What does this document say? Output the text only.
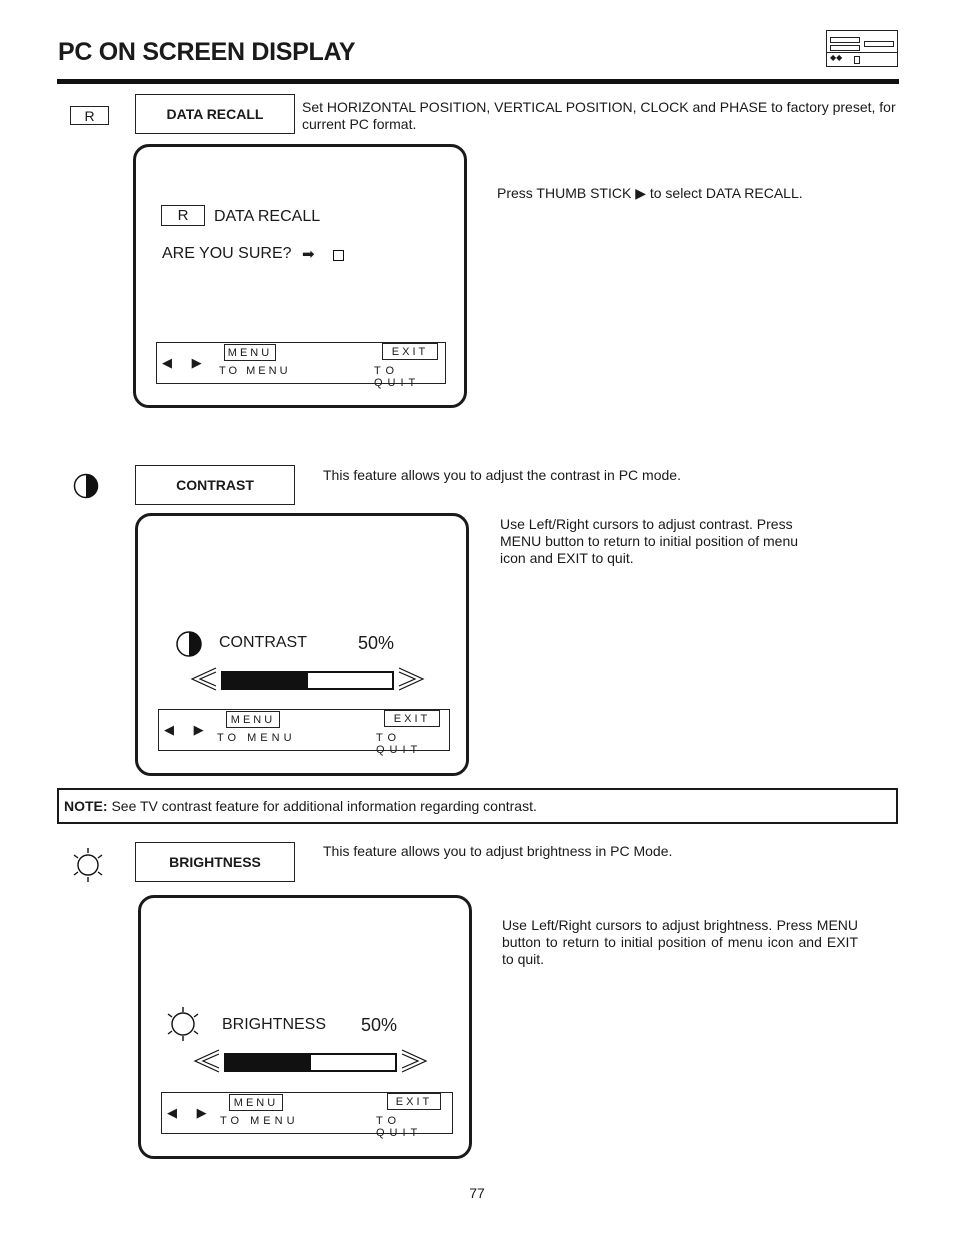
PC ON SCREEN DISPLAY	◆◆
R	DATA RECALL	Set HORIZONTAL POSITION, VERTICAL POSITION, CLOCK and PHASE to factory preset, for current PC format.
R DATA RECALL
ARE YOU SURE? ➡
◀ ▶
MENU
TO MENU
EXIT
TO QUIT
Press THUMB STICK ▶ to select DATA RECALL.
CONTRAST
This feature allows you to adjust the contrast in PC mode.
CONTRAST	50%
◀ ▶
MENU
TO MENU
EXIT
TO QUIT
Use Left/Right cursors to adjust contrast. Press MENU button to return to initial position of menu icon and EXIT to quit.
NOTE: See TV contrast feature for additional information regarding contrast.
BRIGHTNESS
This feature allows you to adjust brightness in PC Mode.
BRIGHTNESS 50%
◀ ▶
MENU
TO MENU
EXIT
TO QUIT
Use Left/Right cursors to adjust brightness. Press MENU button to return to initial position of menu icon and EXIT to quit.
77
